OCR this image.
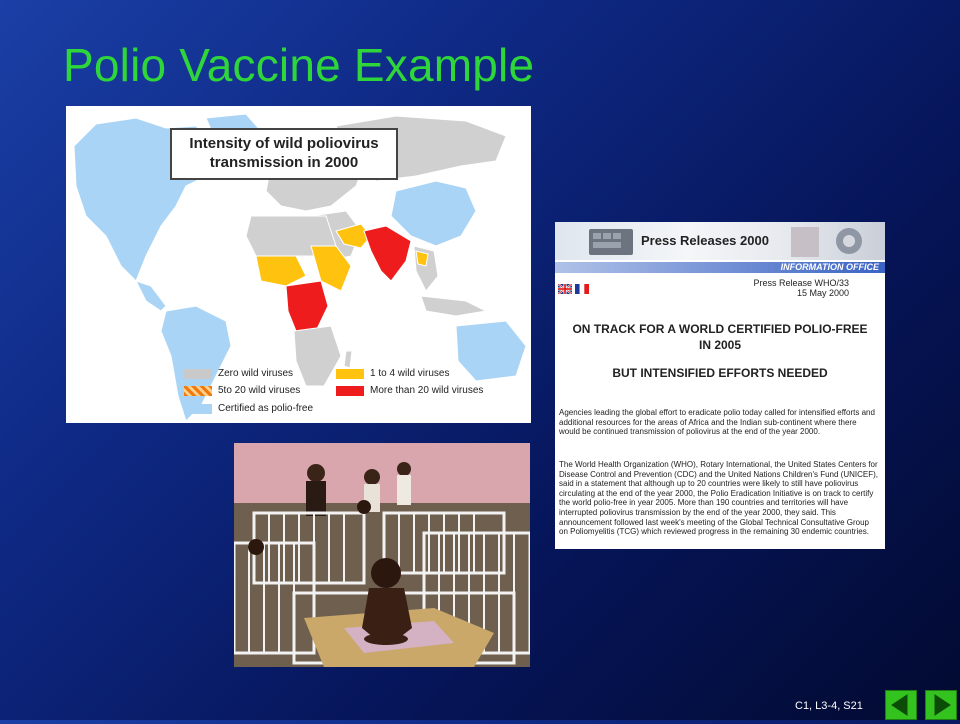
Polio Vaccine Example
Intensity of wild poliovirus transmission in 2000
Zero wild viruses	1 to 4 wild viruses
5to 20 wild viruses	More than 20 wild viruses
Certified as polio-free
Press Releases 2000
INFORMATION OFFICE
Press Release WHO/33
15 May 2000
ON TRACK FOR A WORLD CERTIFIED POLIO-FREE IN 2005
BUT INTENSIFIED EFFORTS NEEDED
Agencies leading the global effort to eradicate polio today called for intensified efforts and additional resources for the areas of Africa and the Indian sub-continent where there would be continued transmission of poliovirus at the end of the year 2000.
The World Health Organization (WHO), Rotary International, the United States Centers for Disease Control and Prevention (CDC) and the United Nations Children's Fund (UNICEF), said in a statement that although up to 20 countries were likely to still have poliovirus circulating at the end of the year 2000, the Polio Eradication Initiative is on track to certify the world polio-free in year 2005. More than 190 countries and territories will have interrupted poliovirus transmission by the end of the year 2000, they said. This announcement followed last week's meeting of the Global Technical Consultative Group on Poliomyelitis (TCG) which reviewed progress in the remaining 30 endemic countries.
C1, L3-4, S21
